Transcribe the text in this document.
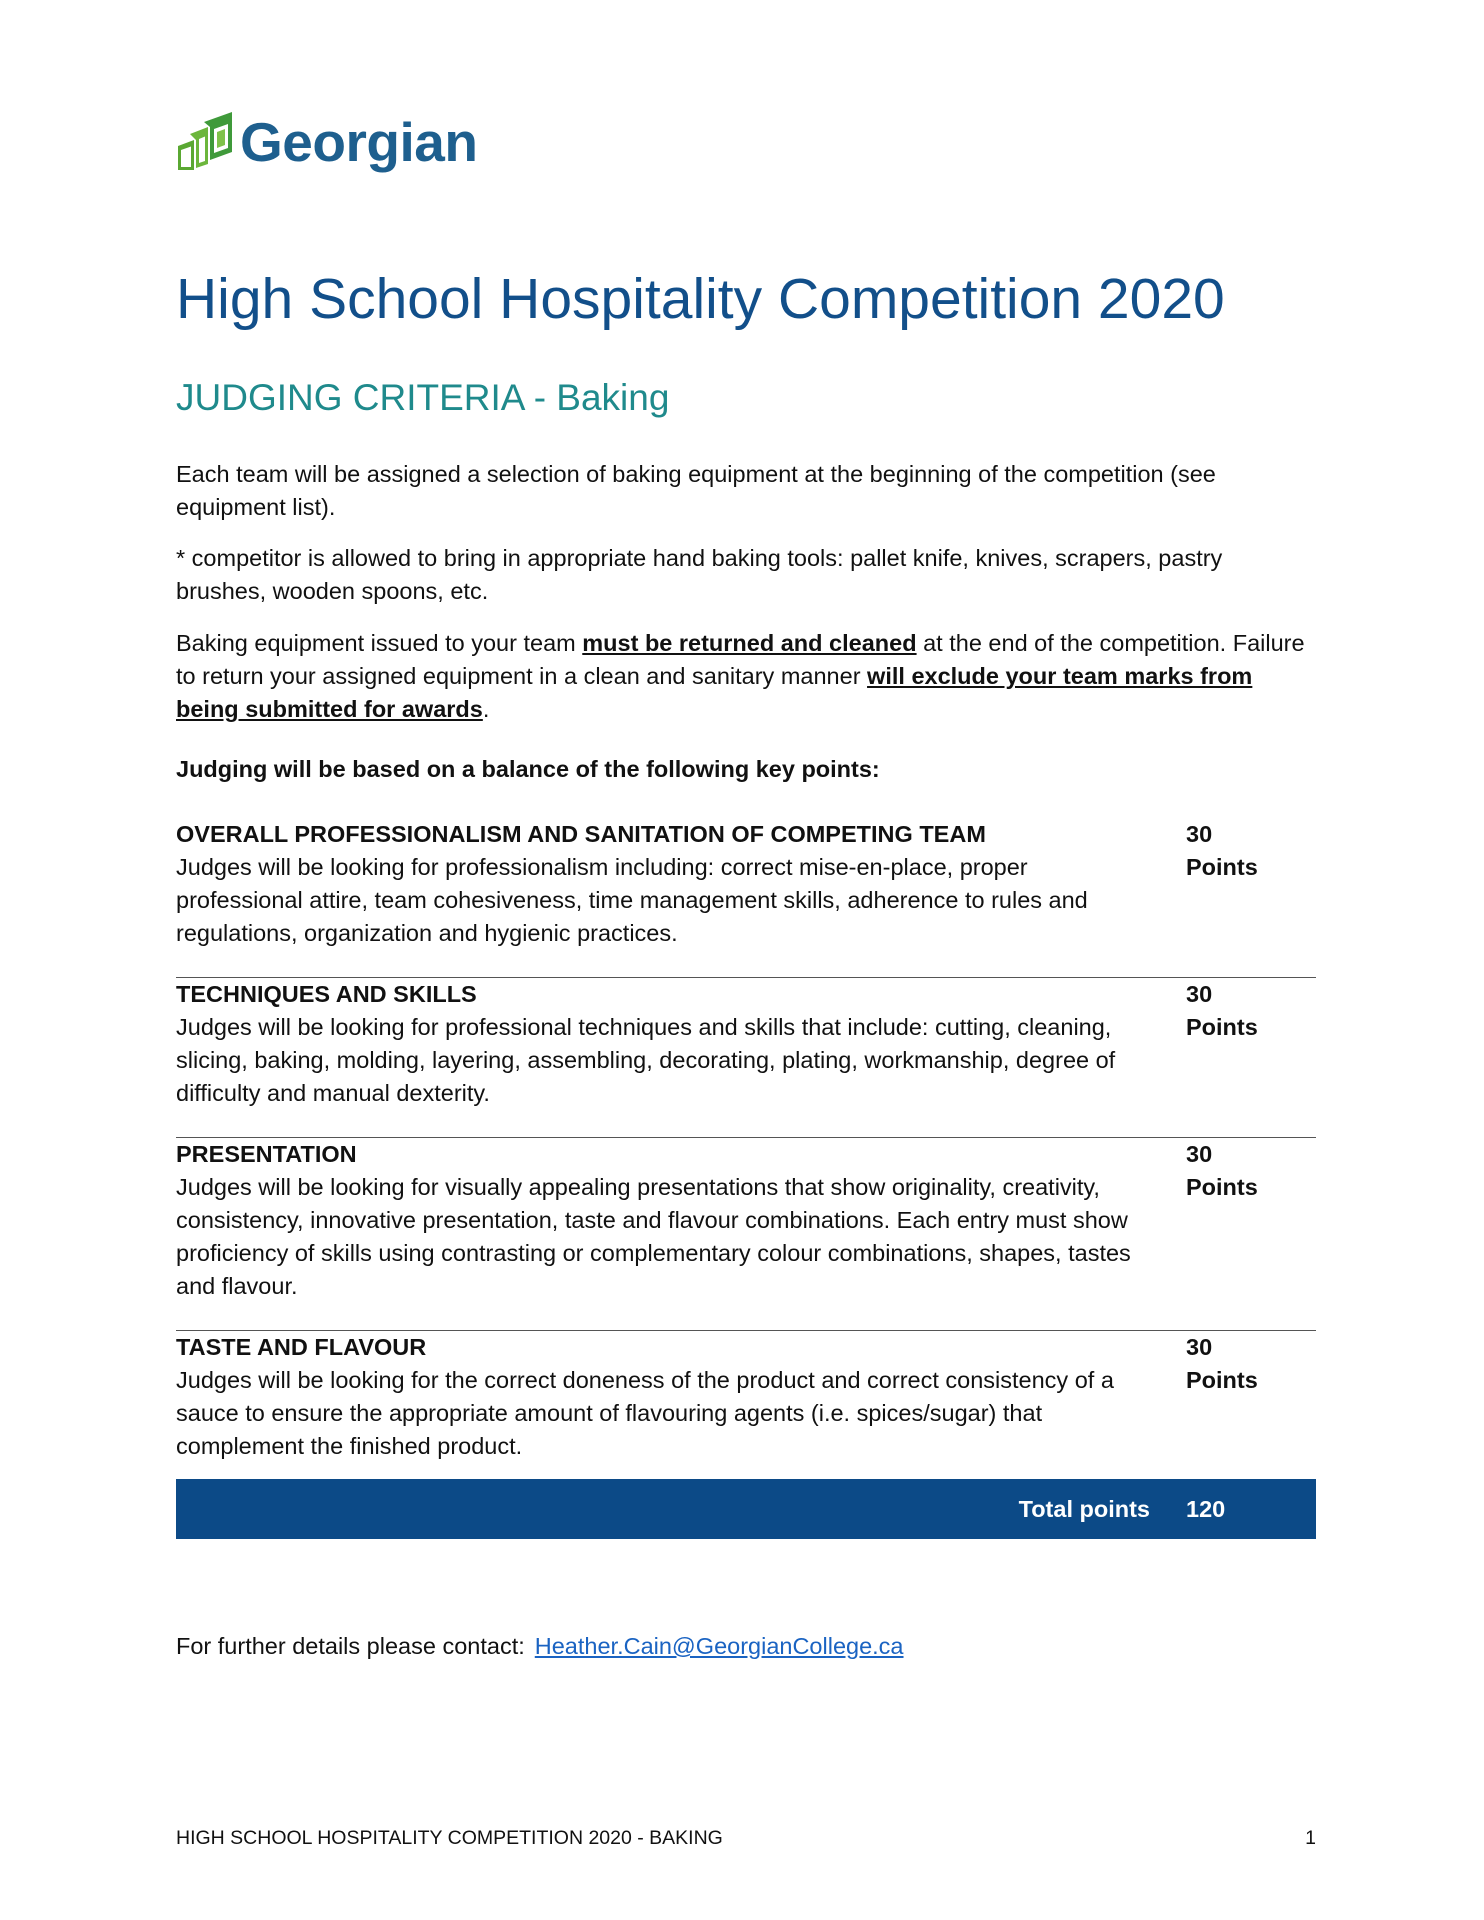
Georgian
High School Hospitality Competition 2020
JUDGING CRITERIA - Baking
Each team will be assigned a selection of baking equipment at the beginning of the competition (see equipment list).
* competitor is allowed to bring in appropriate hand baking tools: pallet knife, knives, scrapers, pastry brushes, wooden spoons, etc.
Baking equipment issued to your team must be returned and cleaned at the end of the competition. Failure to return your assigned equipment in a clean and sanitary manner will exclude your team marks from being submitted for awards.
Judging will be based on a balance of the following key points:
OVERALL PROFESSIONALISM AND SANITATION OF COMPETING TEAM
Judges will be looking for professionalism including: correct mise-en-place, proper professional attire, team cohesiveness, time management skills, adherence to rules and regulations, organization and hygienic practices.
30
Points
TECHNIQUES AND SKILLS
Judges will be looking for professional techniques and skills that include: cutting, cleaning, slicing, baking, molding, layering, assembling, decorating, plating, workmanship, degree of difficulty and manual dexterity.
30
Points
PRESENTATION
Judges will be looking for visually appealing presentations that show originality, creativity, consistency, innovative presentation, taste and flavour combinations. Each entry must show proficiency of skills using contrasting or complementary colour combinations, shapes, tastes and flavour.
30
Points
TASTE AND FLAVOUR
Judges will be looking for the correct doneness of the product and correct consistency of a sauce to ensure the appropriate amount of flavouring agents (i.e. spices/sugar) that complement the finished product.
30
Points
Total points 120
For further details please contact: Heather.Cain@GeorgianCollege.ca
HIGH SCHOOL HOSPITALITY COMPETITION 2020 - BAKING	1
